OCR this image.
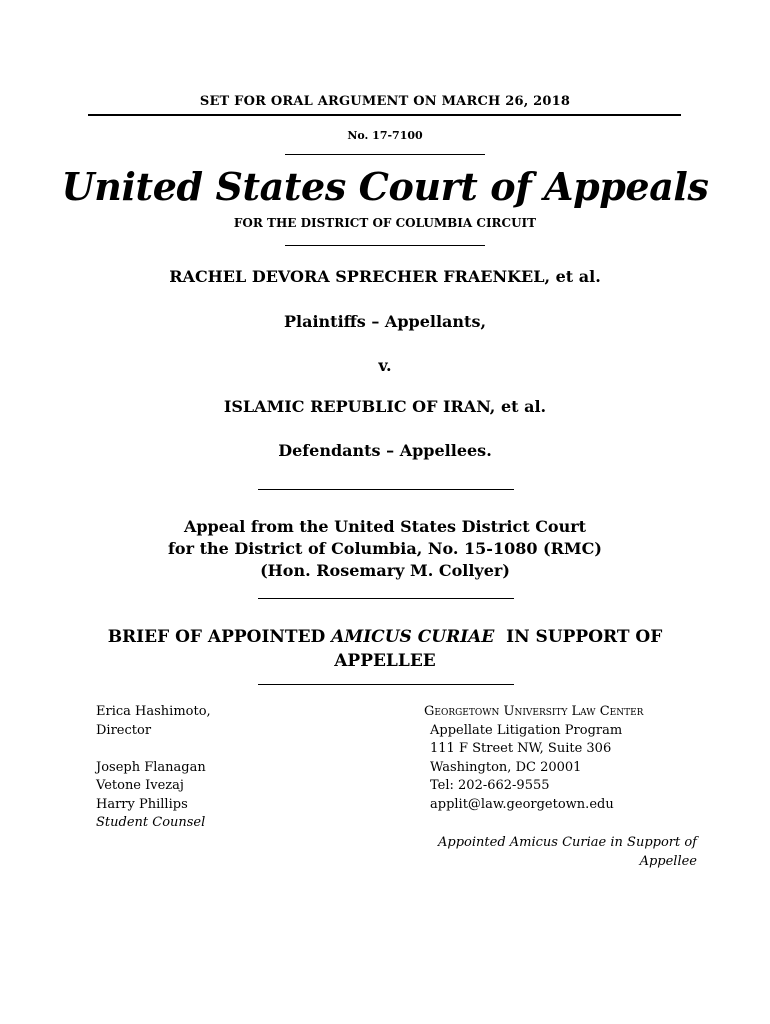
SET FOR ORAL ARGUMENT ON MARCH 26, 2018
No. 17-7100
United States Court of Appeals
FOR THE DISTRICT OF COLUMBIA CIRCUIT
RACHEL DEVORA SPRECHER FRAENKEL, et al.
Plaintiffs – Appellants,
v.
ISLAMIC REPUBLIC OF IRAN, et al.
Defendants – Appellees.
Appeal from the United States District Court
for the District of Columbia, No. 15-1080 (RMC)
(Hon. Rosemary M. Collyer)
BRIEF OF APPOINTED AMICUS CURIAE  IN SUPPORT OF
APPELLEE
Erica Hashimoto,
Director
Joseph Flanagan
Vetone Ivezaj
Harry Phillips
Student Counsel
Georgetown University Law Center
Appellate Litigation Program
111 F Street NW, Suite 306
Washington, DC 20001
Tel: 202-662-9555
applit@law.georgetown.edu
Appointed Amicus Curiae in Support of
Appellee
